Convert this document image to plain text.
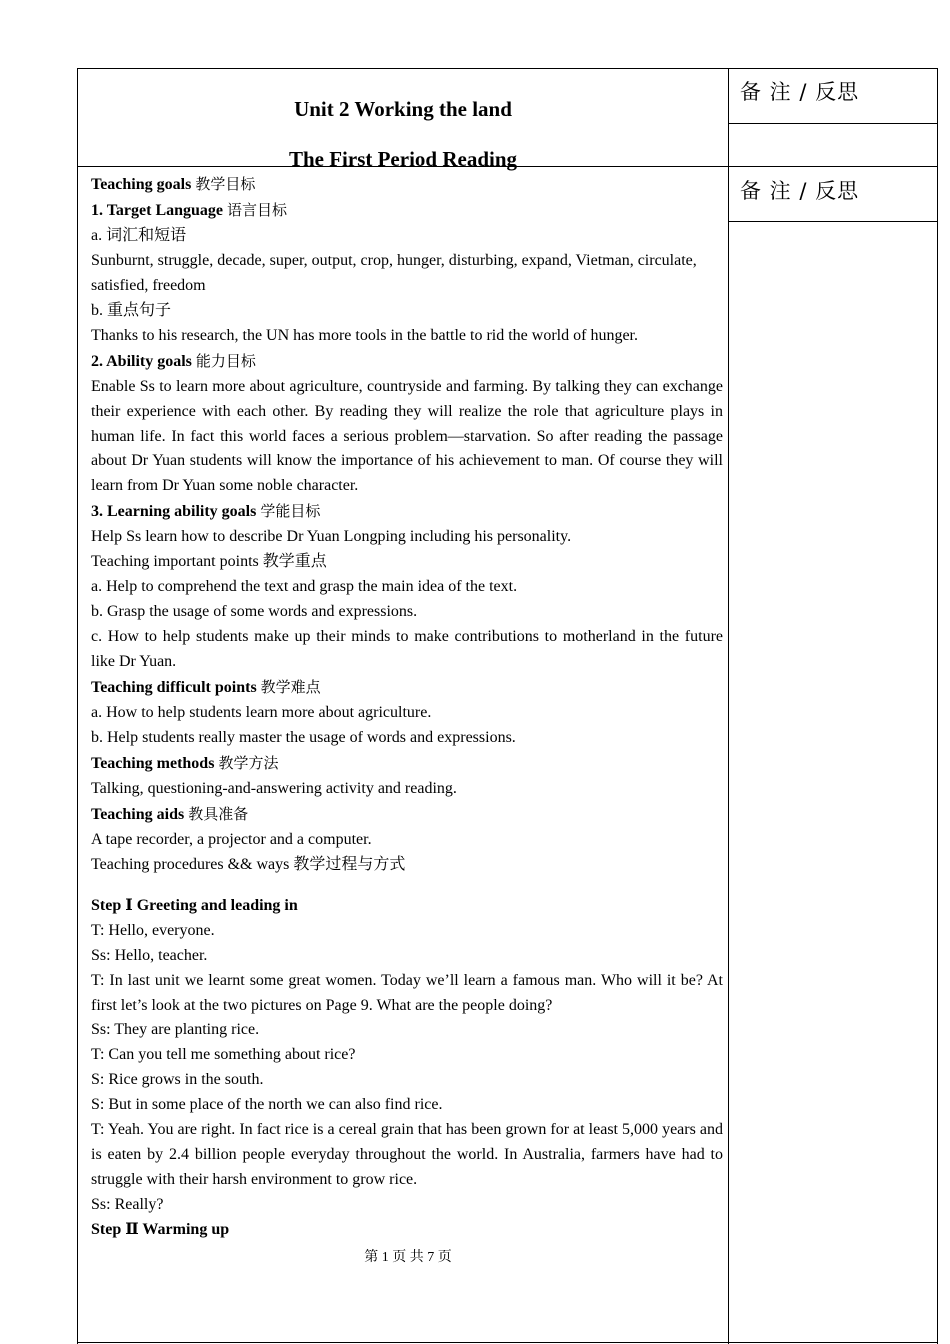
Unit 2 Working the land
The First Period Reading
备 注 / 反思
备 注 / 反思

Teaching goals 教学目标

1. Target Language 语言目标

a. 词汇和短语

Sunburnt, struggle, decade, super, output, crop, hunger, disturbing, expand, Vietman, circulate, satisfied, freedom

b. 重点句子

Thanks to his research, the UN has more tools in the battle to rid the world of hunger.

2. Ability goals 能力目标

Enable Ss to learn more about agriculture, countryside and farming. By talking they can exchange their experience with each other. By reading they will realize the role that agriculture plays in human life. In fact this world faces a serious problem—starvation. So after reading the passage about Dr Yuan students will know the importance of his achievement to man. Of course they will learn from Dr Yuan some noble character.

3. Learning ability goals 学能目标

Help Ss learn how to describe Dr Yuan Longping including his personality.

Teaching important points 教学重点

a. Help to comprehend the text and grasp the main idea of the text.

b. Grasp the usage of some words and expressions.

c. How to help students make up their minds to make contributions to motherland in the future like Dr Yuan.

Teaching difficult points 教学难点

a. How to help students learn more about agriculture.

b. Help students really master the usage of words and expressions.

Teaching methods 教学方法

Talking, questioning-and-answering activity and reading.

Teaching aids 教具准备

A tape recorder, a projector and a computer.

Teaching procedures && ways 教学过程与方式

Step Ⅰ Greeting and leading in

T: Hello, everyone.

Ss: Hello, teacher.

T: In last unit we learnt some great women. Today we’ll learn a famous man. Who will it be? At first let’s look at the two pictures on Page 9. What are the people doing?

Ss: They are planting rice.

T: Can you tell me something about rice?

S: Rice grows in the south.

S: But in some place of the north we can also find rice.

T: Yeah. You are right. In fact rice is a cereal grain that has been grown for at least 5,000 years and is eaten by 2.4 billion people everyday throughout the world. In Australia, farmers have had to struggle with their harsh environment to grow rice.

Ss: Really?

Step Ⅱ Warming up

第 1 页 共 7 页
